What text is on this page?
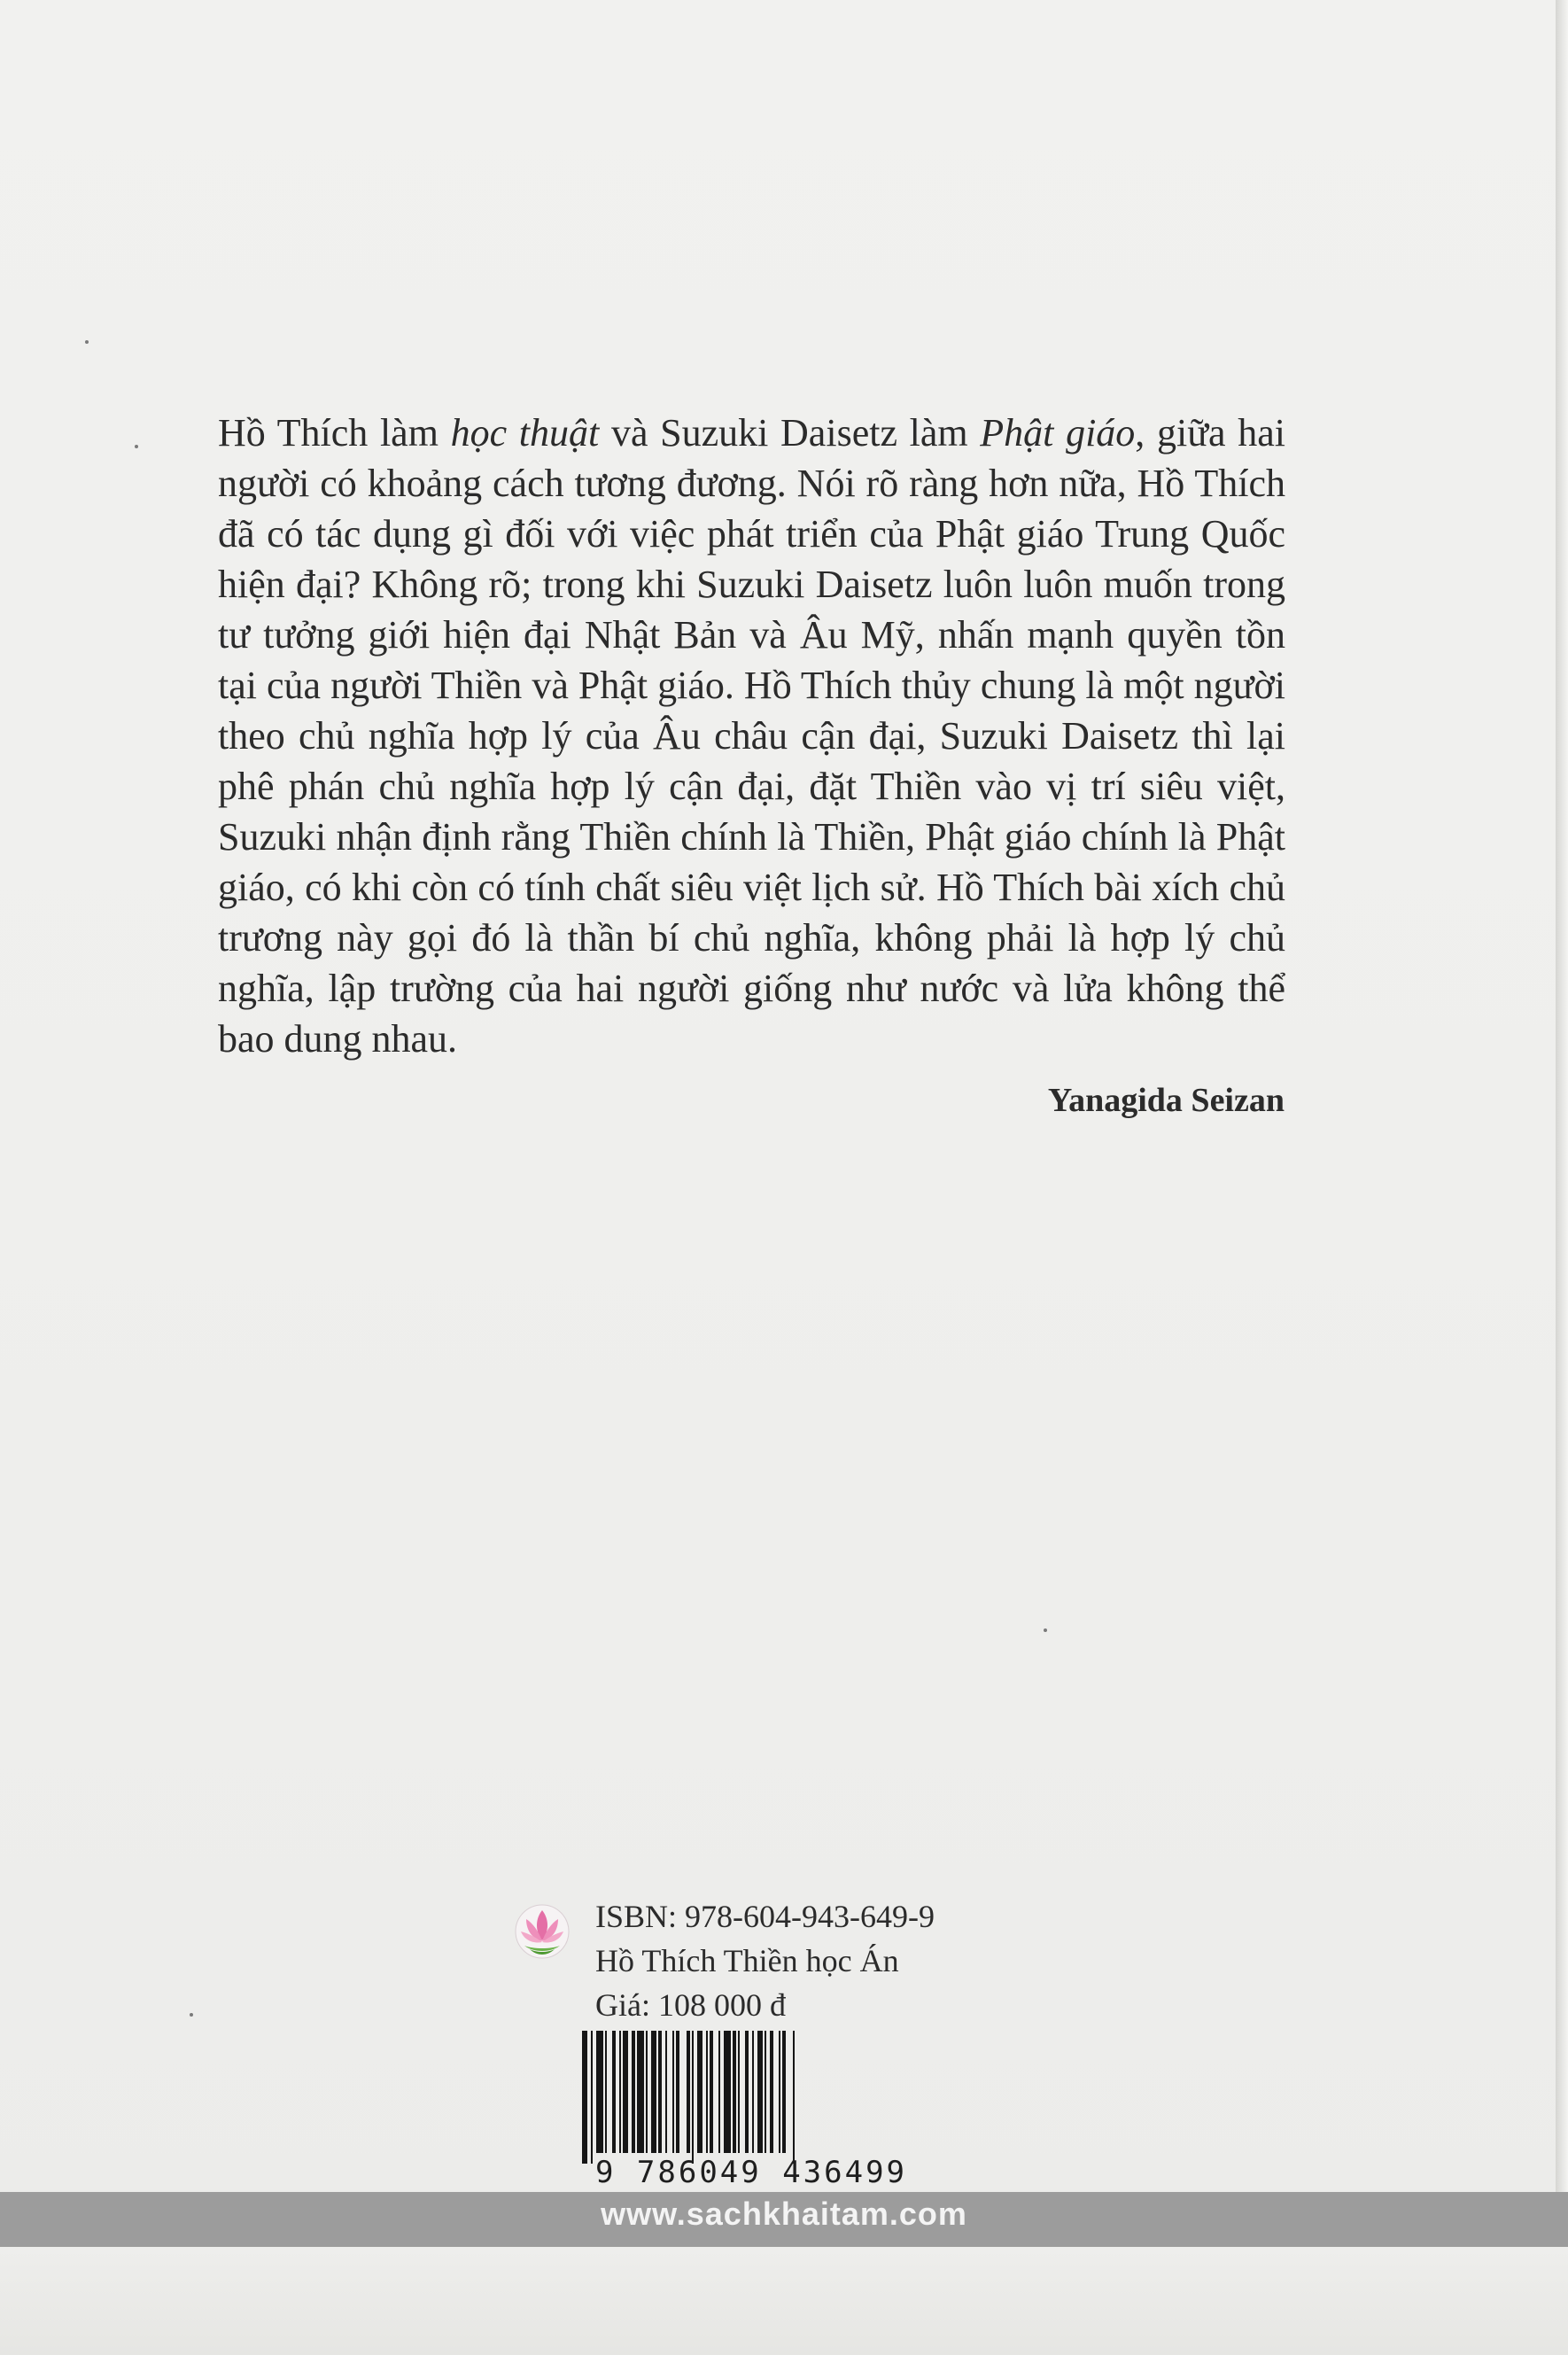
Hồ Thích làm học thuật và Suzuki Daisetz làm Phật giáo, giữa hai người có khoảng cách tương đương. Nói rõ ràng hơn nữa, Hồ Thích đã có tác dụng gì đối với việc phát triển của Phật giáo Trung Quốc hiện đại? Không rõ; trong khi Suzuki Daisetz luôn luôn muốn trong tư tưởng giới hiện đại Nhật Bản và Âu Mỹ, nhấn mạnh quyền tồn tại của người Thiền và Phật giáo. Hồ Thích thủy chung là một người theo chủ nghĩa hợp lý của Âu châu cận đại, Suzuki Daisetz thì lại phê phán chủ nghĩa hợp lý cận đại, đặt Thiền vào vị trí siêu việt, Suzuki nhận định rằng Thiền chính là Thiền, Phật giáo chính là Phật giáo, có khi còn có tính chất siêu việt lịch sử. Hồ Thích bài xích chủ trương này gọi đó là thần bí chủ nghĩa, không phải là hợp lý chủ nghĩa, lập trường của hai người giống như nước và lửa không thể bao dung nhau.

Yanagida Seizan
ISBN: 978-604-943-649-9
Hồ Thích Thiền học Án
Giá: 108 000 đ
9 786049 436499
www.sachkhaitam.com
